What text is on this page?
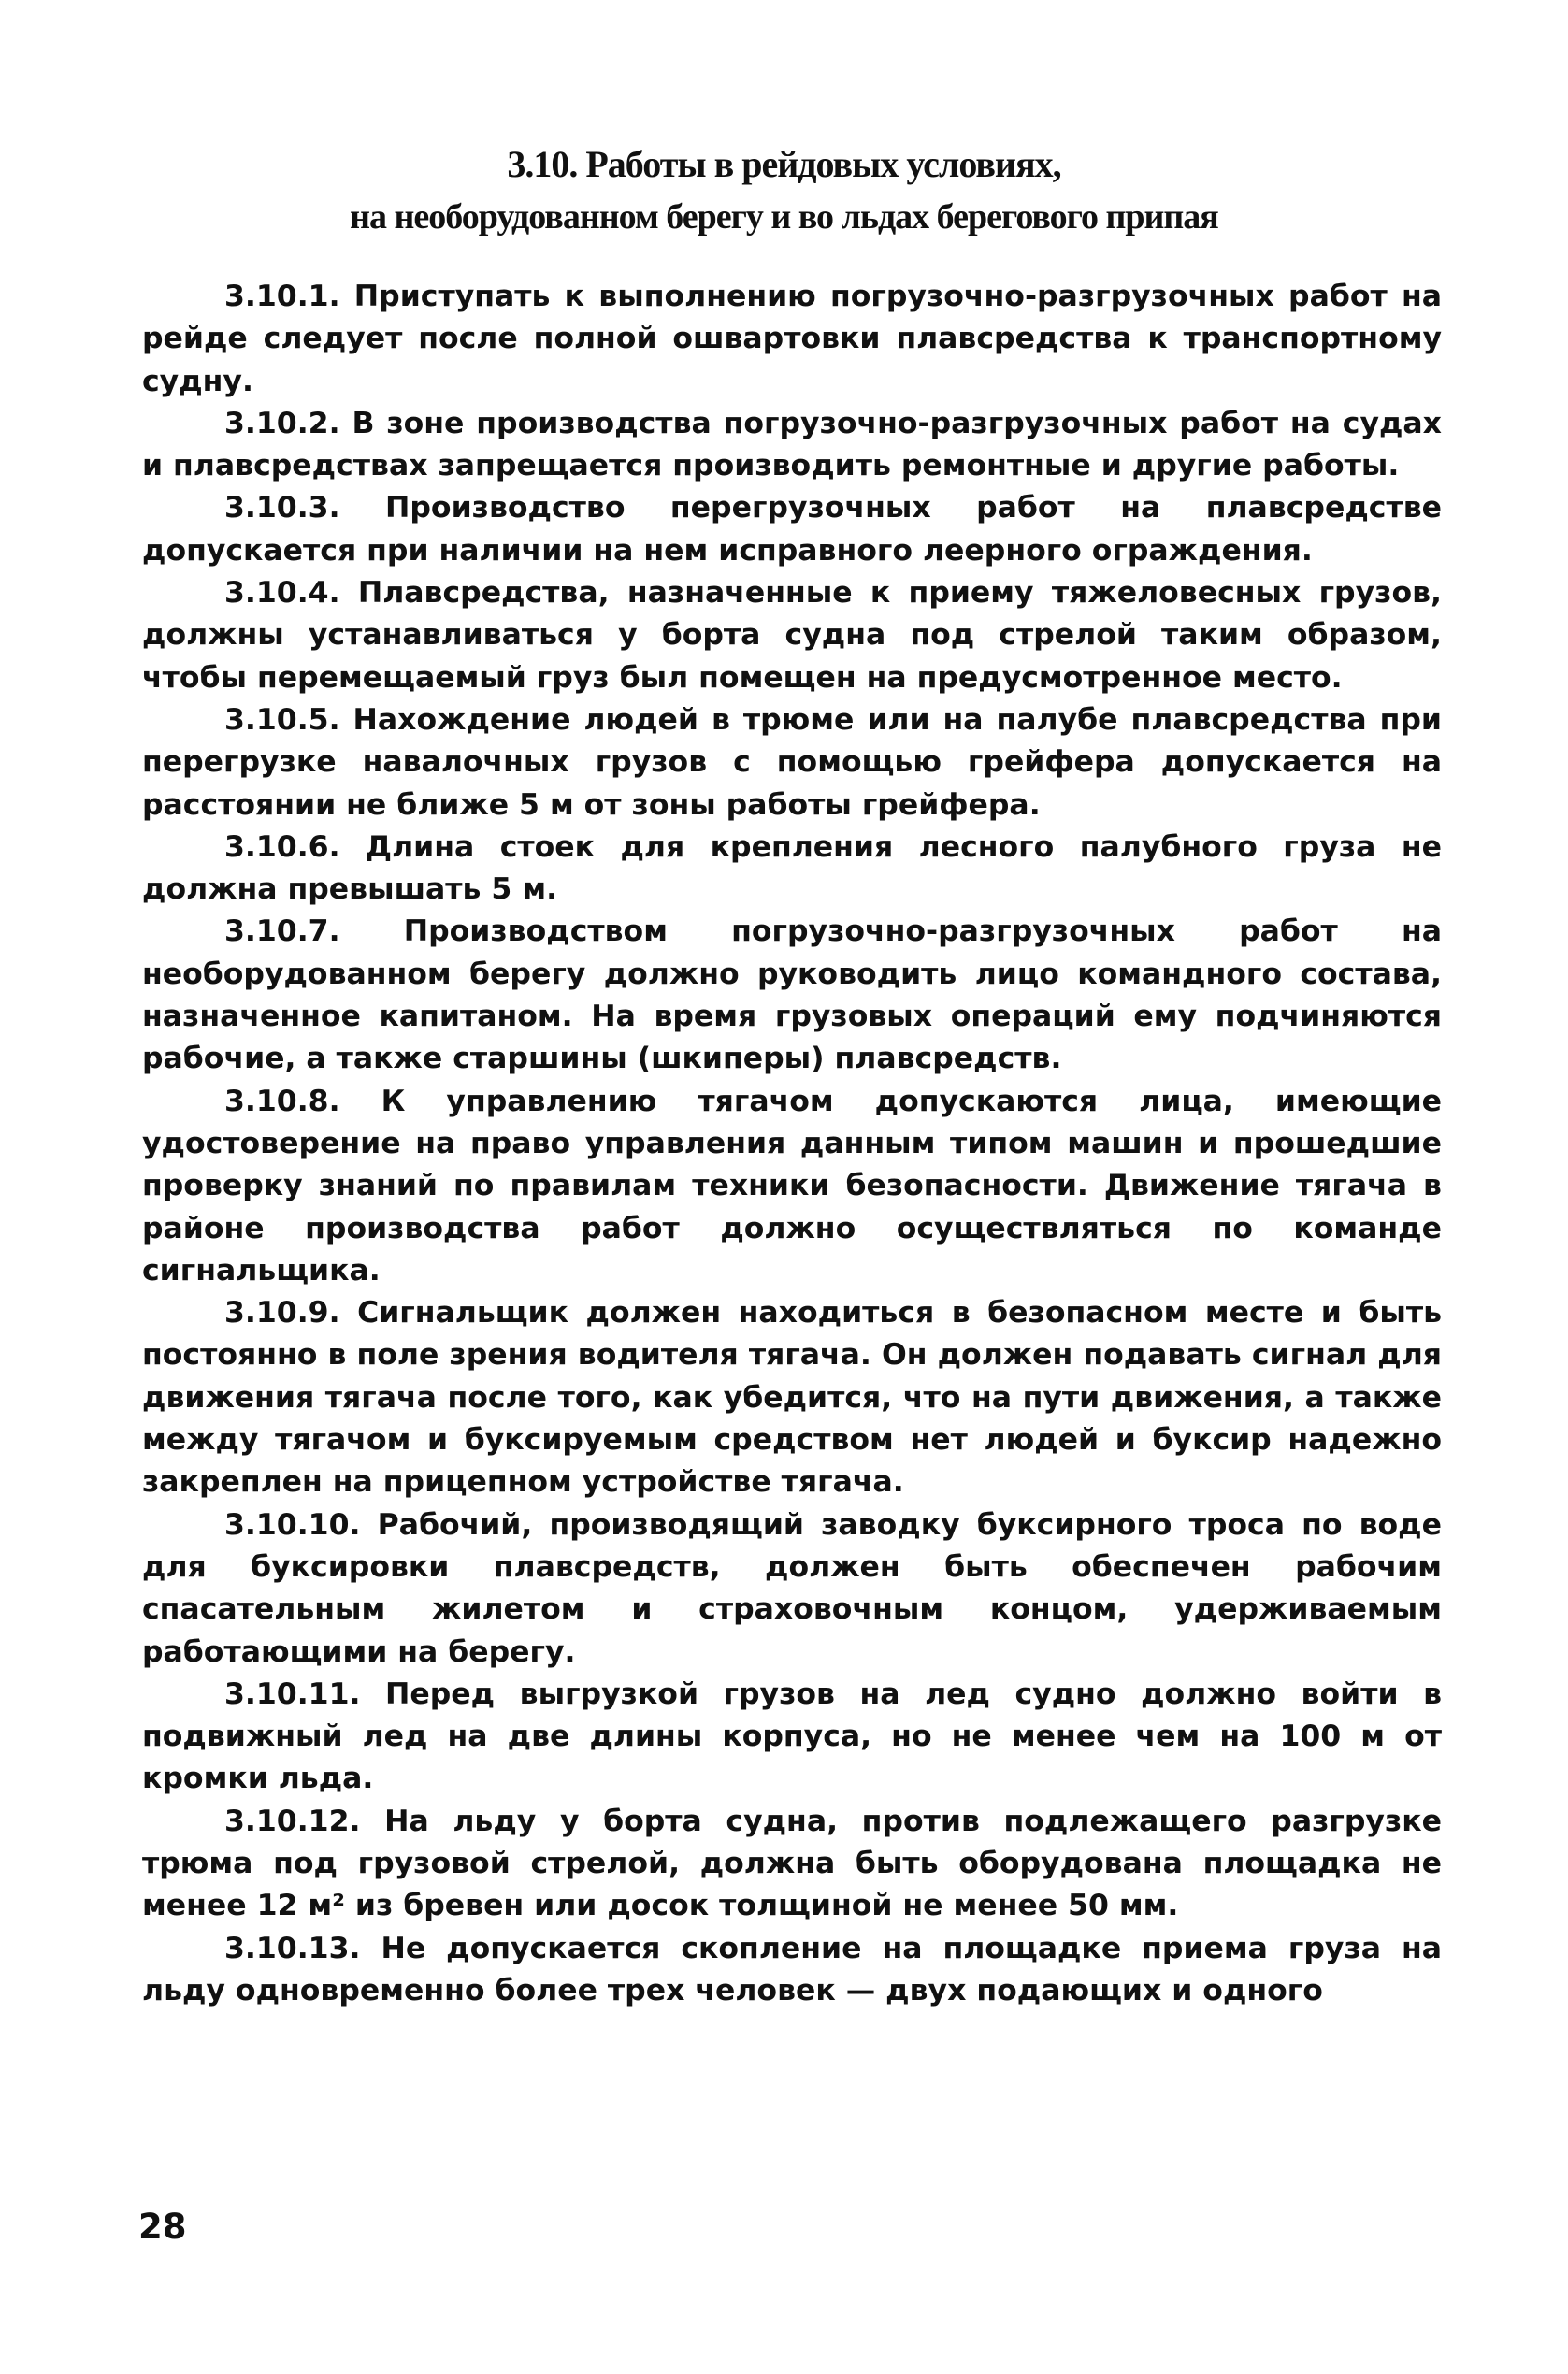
3.10. Работы в рейдовых условиях,
на необорудованном берегу и во льдах берегового припая

3.10.1. Приступать к выполнению погрузочно-разгрузочных работ на рейде следует после полной ошвартовки плавсредства к транспортному судну.

3.10.2. В зоне производства погрузочно-разгрузочных работ на судах и плавсредствах запрещается производить ремонтные и другие работы.

3.10.3. Производство перегрузочных работ на плавсредстве допускается при наличии на нем исправного леерного ограждения.

3.10.4. Плавсредства, назначенные к приему тяжеловесных грузов, должны устанавливаться у борта судна под стрелой таким образом, чтобы перемещаемый груз был помещен на предусмотренное место.

3.10.5. Нахождение людей в трюме или на палубе плавсредства при перегрузке навалочных грузов с помощью грейфера допускается на расстоянии не ближе 5 м от зоны работы грейфера.

3.10.6. Длина стоек для крепления лесного палубного груза не должна превышать 5 м.

3.10.7. Производством погрузочно-разгрузочных работ на необорудованном берегу должно руководить лицо командного состава, назначенное капитаном. На время грузовых операций ему подчиняются рабочие, а также старшины (шкиперы) плавсредств.

3.10.8. К управлению тягачом допускаются лица, имеющие удостоверение на право управления данным типом машин и прошедшие проверку знаний по правилам техники безопасности. Движение тягача в районе производства работ должно осуществляться по команде сигнальщика.

3.10.9. Сигнальщик должен находиться в безопасном месте и быть постоянно в поле зрения водителя тягача. Он должен подавать сигнал для движения тягача после того, как убедится, что на пути движения, а также между тягачом и буксируемым средством нет людей и буксир надежно закреплен на прицепном устройстве тягача.

3.10.10. Рабочий, производящий заводку буксирного троса по воде для буксировки плавсредств, должен быть обеспечен рабочим спасательным жилетом и страховочным концом, удерживаемым работающими на берегу.

3.10.11. Перед выгрузкой грузов на лед судно должно войти в подвижный лед на две длины корпуса, но не менее чем на 100 м от кромки льда.

3.10.12. На льду у борта судна, против подлежащего разгрузке трюма под грузовой стрелой, должна быть оборудована площадка не менее 12 м² из бревен или досок толщиной не менее 50 мм.

3.10.13. Не допускается скопление на площадке приема груза на льду одновременно более трех человек — двух подающих и одного

28
